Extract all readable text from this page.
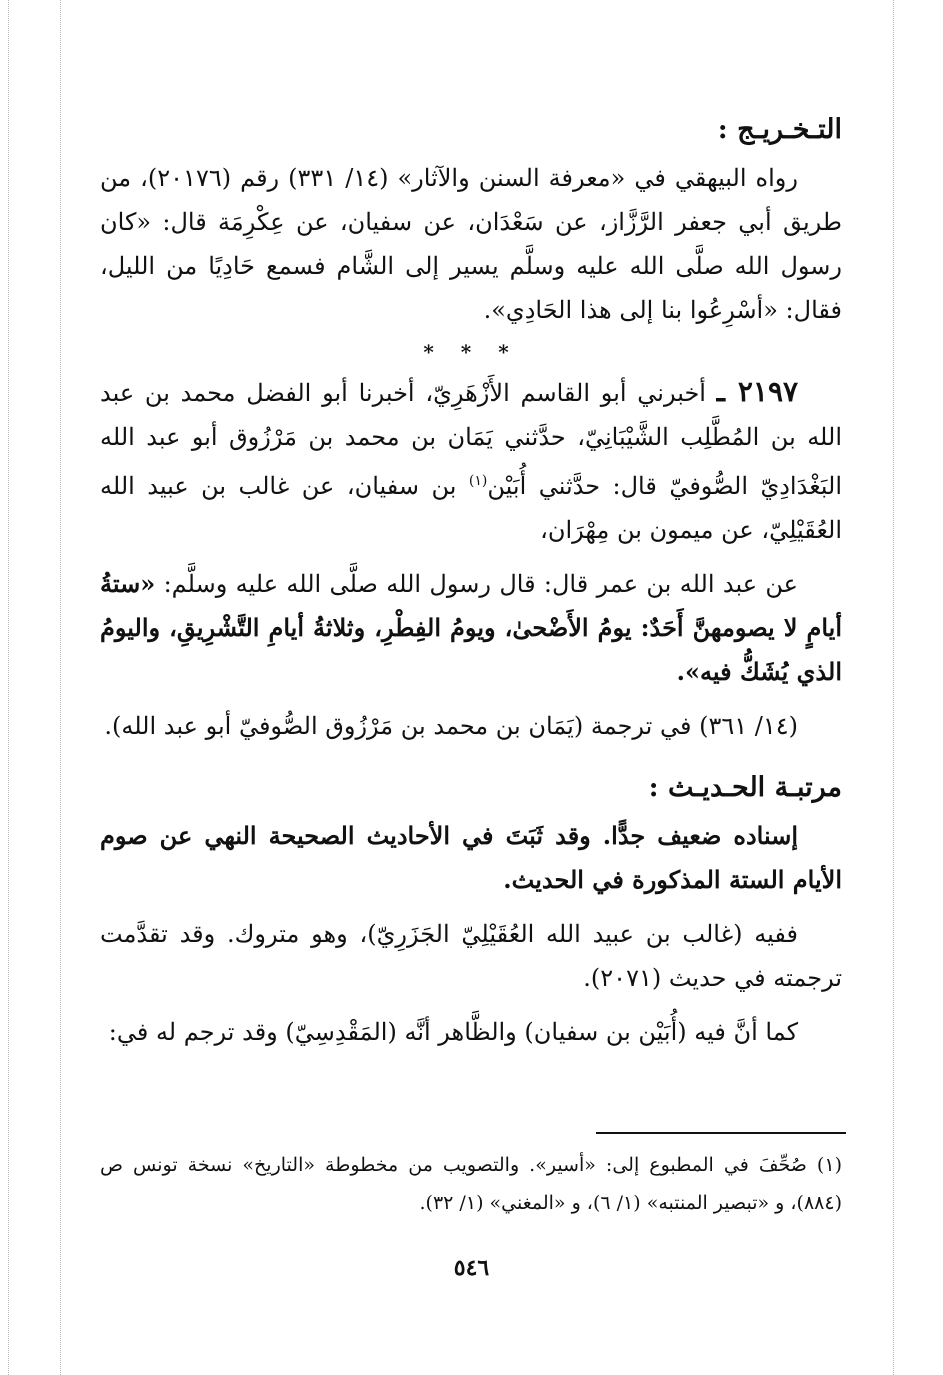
التـخـريـج :

رواه البيهقي في «معرفة السنن والآثار» (١٤/ ٣٣١) رقم (٢٠١٧٦)، من طريق أبي جعفر الرَّزَّاز، عن سَعْدَان، عن سفيان، عن عِكْرِمَة قال: «كان رسول الله صلَّى الله عليه وسلَّم يسير إلى الشَّام فسمع حَادِيًا من الليل، فقال: «أسْرِعُوا بنا إلى هذا الحَادِي».

* * *

٢١٩٧ ـ أخبرني أبو القاسم الأَزْهَرِيّ، أخبرنا أبو الفضل محمد بن عبد الله بن المُطَّلِب الشَّيْبَانِيّ، حدَّثني يَمَان بن محمد بن مَرْزُوق أبو عبد الله البَغْدَادِيّ الصُّوفيّ قال: حدَّثني أُبَيْن$^{(١)}$ بن سفيان، عن غالب بن عبيد الله العُقَيْلِيّ، عن ميمون بن مِهْرَان،

عن عبد الله بن عمر قال: قال رسول الله صلَّى الله عليه وسلَّم: «ستةُ أيامٍ لا يصومهنَّ أَحَدٌ: يومُ الأَضْحىٰ، ويومُ الفِطْرِ، وثلاثةُ أيامِ التَّشْرِيقِ، واليومُ الذي يُشَكُّ فيه».

(١٤/ ٣٦١) في ترجمة (يَمَان بن محمد بن مَرْزُوق الصُّوفيّ أبو عبد الله).

مرتبـة الحـديـث :

إسناده ضعيف جدًّا. وقد ثَبَتَ في الأحاديث الصحيحة النهي عن صوم الأيام الستة المذكورة في الحديث.

ففيه (غالب بن عبيد الله العُقَيْلِيّ الجَزَرِيّ)، وهو متروك. وقد تقدَّمت ترجمته في حديث (٢٠٧١).

كما أنَّ فيه (أُبَيْن بن سفيان) والظَّاهر أنَّه (المَقْدِسِيّ) وقد ترجم له في:

(١) صُحِّفَ في المطبوع إلى: «أسير». والتصويب من مخطوطة «التاريخ» نسخة تونس ص (٨٨٤)، و «تبصير المنتبه» (١/ ٦)، و «المغني» (١/ ٣٢).
٥٤٦
